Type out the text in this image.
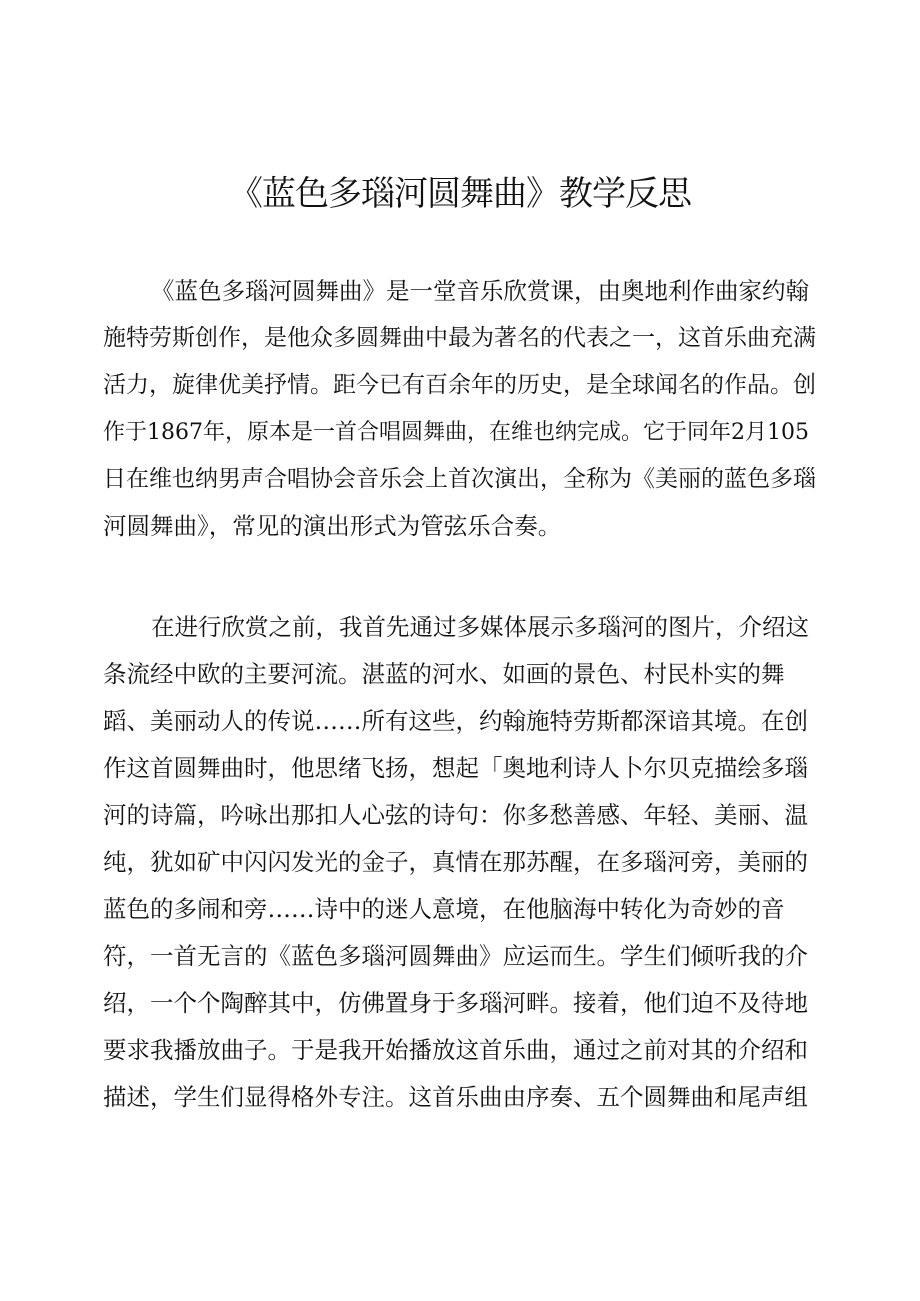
《蓝色多瑙河圆舞曲》教学反思
《蓝色多瑙河圆舞曲》是一堂音乐欣赏课，由奥地利作曲家约翰
施特劳斯创作，是他众多圆舞曲中最为著名的代表之一，这首乐曲充满
活力，旋律优美抒情。距今已有百余年的历史，是全球闻名的作品。创
作于1867年，原本是一首合唱圆舞曲，在维也纳完成。它于同年2月105
日在维也纳男声合唱协会音乐会上首次演出，全称为《美丽的蓝色多瑙
河圆舞曲》，常见的演出形式为管弦乐合奏。
在进行欣赏之前，我首先通过多媒体展示多瑙河的图片，介绍这
条流经中欧的主要河流。湛蓝的河水、如画的景色、村民朴实的舞
蹈、美丽动人的传说……所有这些，约翰施特劳斯都深谙其境。在创
作这首圆舞曲时，他思绪飞扬，想起「奥地利诗人卜尔贝克描绘多瑙
河的诗篇，吟咏出那扣人心弦的诗句：你多愁善感、年轻、美丽、温
纯，犹如矿中闪闪发光的金子，真情在那苏醒，在多瑙河旁，美丽的
蓝色的多闹和旁……诗中的迷人意境，在他脑海中转化为奇妙的音
符，一首无言的《蓝色多瑙河圆舞曲》应运而生。学生们倾听我的介
绍，一个个陶醉其中，仿佛置身于多瑙河畔。接着，他们迫不及待地
要求我播放曲子。于是我开始播放这首乐曲，通过之前对其的介绍和
描述，学生们显得格外专注。这首乐曲由序奏、五个圆舞曲和尾声组
